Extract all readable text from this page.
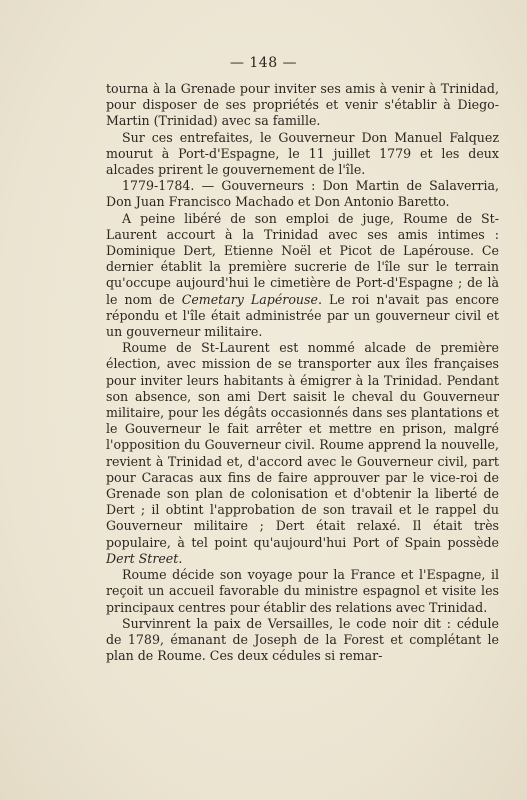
— 148 —

tourna à la Grenade pour inviter ses amis à venir à Trinidad, pour disposer de ses propriétés et venir s'établir à Diego-Martin (Trinidad) avec sa famille.

Sur ces entrefaites, le Gouverneur Don Manuel Falquez mourut à Port-d'Espagne, le 11 juillet 1779 et les deux alcades prirent le gouvernement de l'île.

1779-1784. — Gouverneurs : Don Martin de Salaverria, Don Juan Francisco Machado et Don Antonio Baretto.

A peine libéré de son emploi de juge, Roume de St-Laurent accourt à la Trinidad avec ses amis intimes : Dominique Dert, Etienne Noël et Picot de Lapérouse. Ce dernier établit la première sucrerie de l'île sur le terrain qu'occupe aujourd'hui le cimetière de Port-d'Espagne ; de là le nom de Cemetary Lapérouse. Le roi n'avait pas encore répondu et l'île était administrée par un gouverneur civil et un gouverneur militaire.

Roume de St-Laurent est nommé alcade de première élection, avec mission de se transporter aux îles françaises pour inviter leurs habitants à émigrer à la Trinidad. Pendant son absence, son ami Dert saisit le cheval du Gouverneur militaire, pour les dégâts occasionnés dans ses plantations et le Gouverneur le fait arrêter et mettre en prison, malgré l'opposition du Gouverneur civil. Roume apprend la nouvelle, revient à Trinidad et, d'accord avec le Gouverneur civil, part pour Caracas aux fins de faire approuver par le vice-roi de Grenade son plan de colonisation et d'obtenir la liberté de Dert ; il obtint l'approbation de son travail et le rappel du Gouverneur militaire ; Dert était relaxé. Il était très populaire, à tel point qu'aujourd'hui Port of Spain possède Dert Street.

Roume décide son voyage pour la France et l'Espagne, il reçoit un accueil favorable du ministre espagnol et visite les principaux centres pour établir des relations avec Trinidad.

Survinrent la paix de Versailles, le code noir dit : cédule de 1789, émanant de Joseph de la Forest et complétant le plan de Roume. Ces deux cédules si remar-
